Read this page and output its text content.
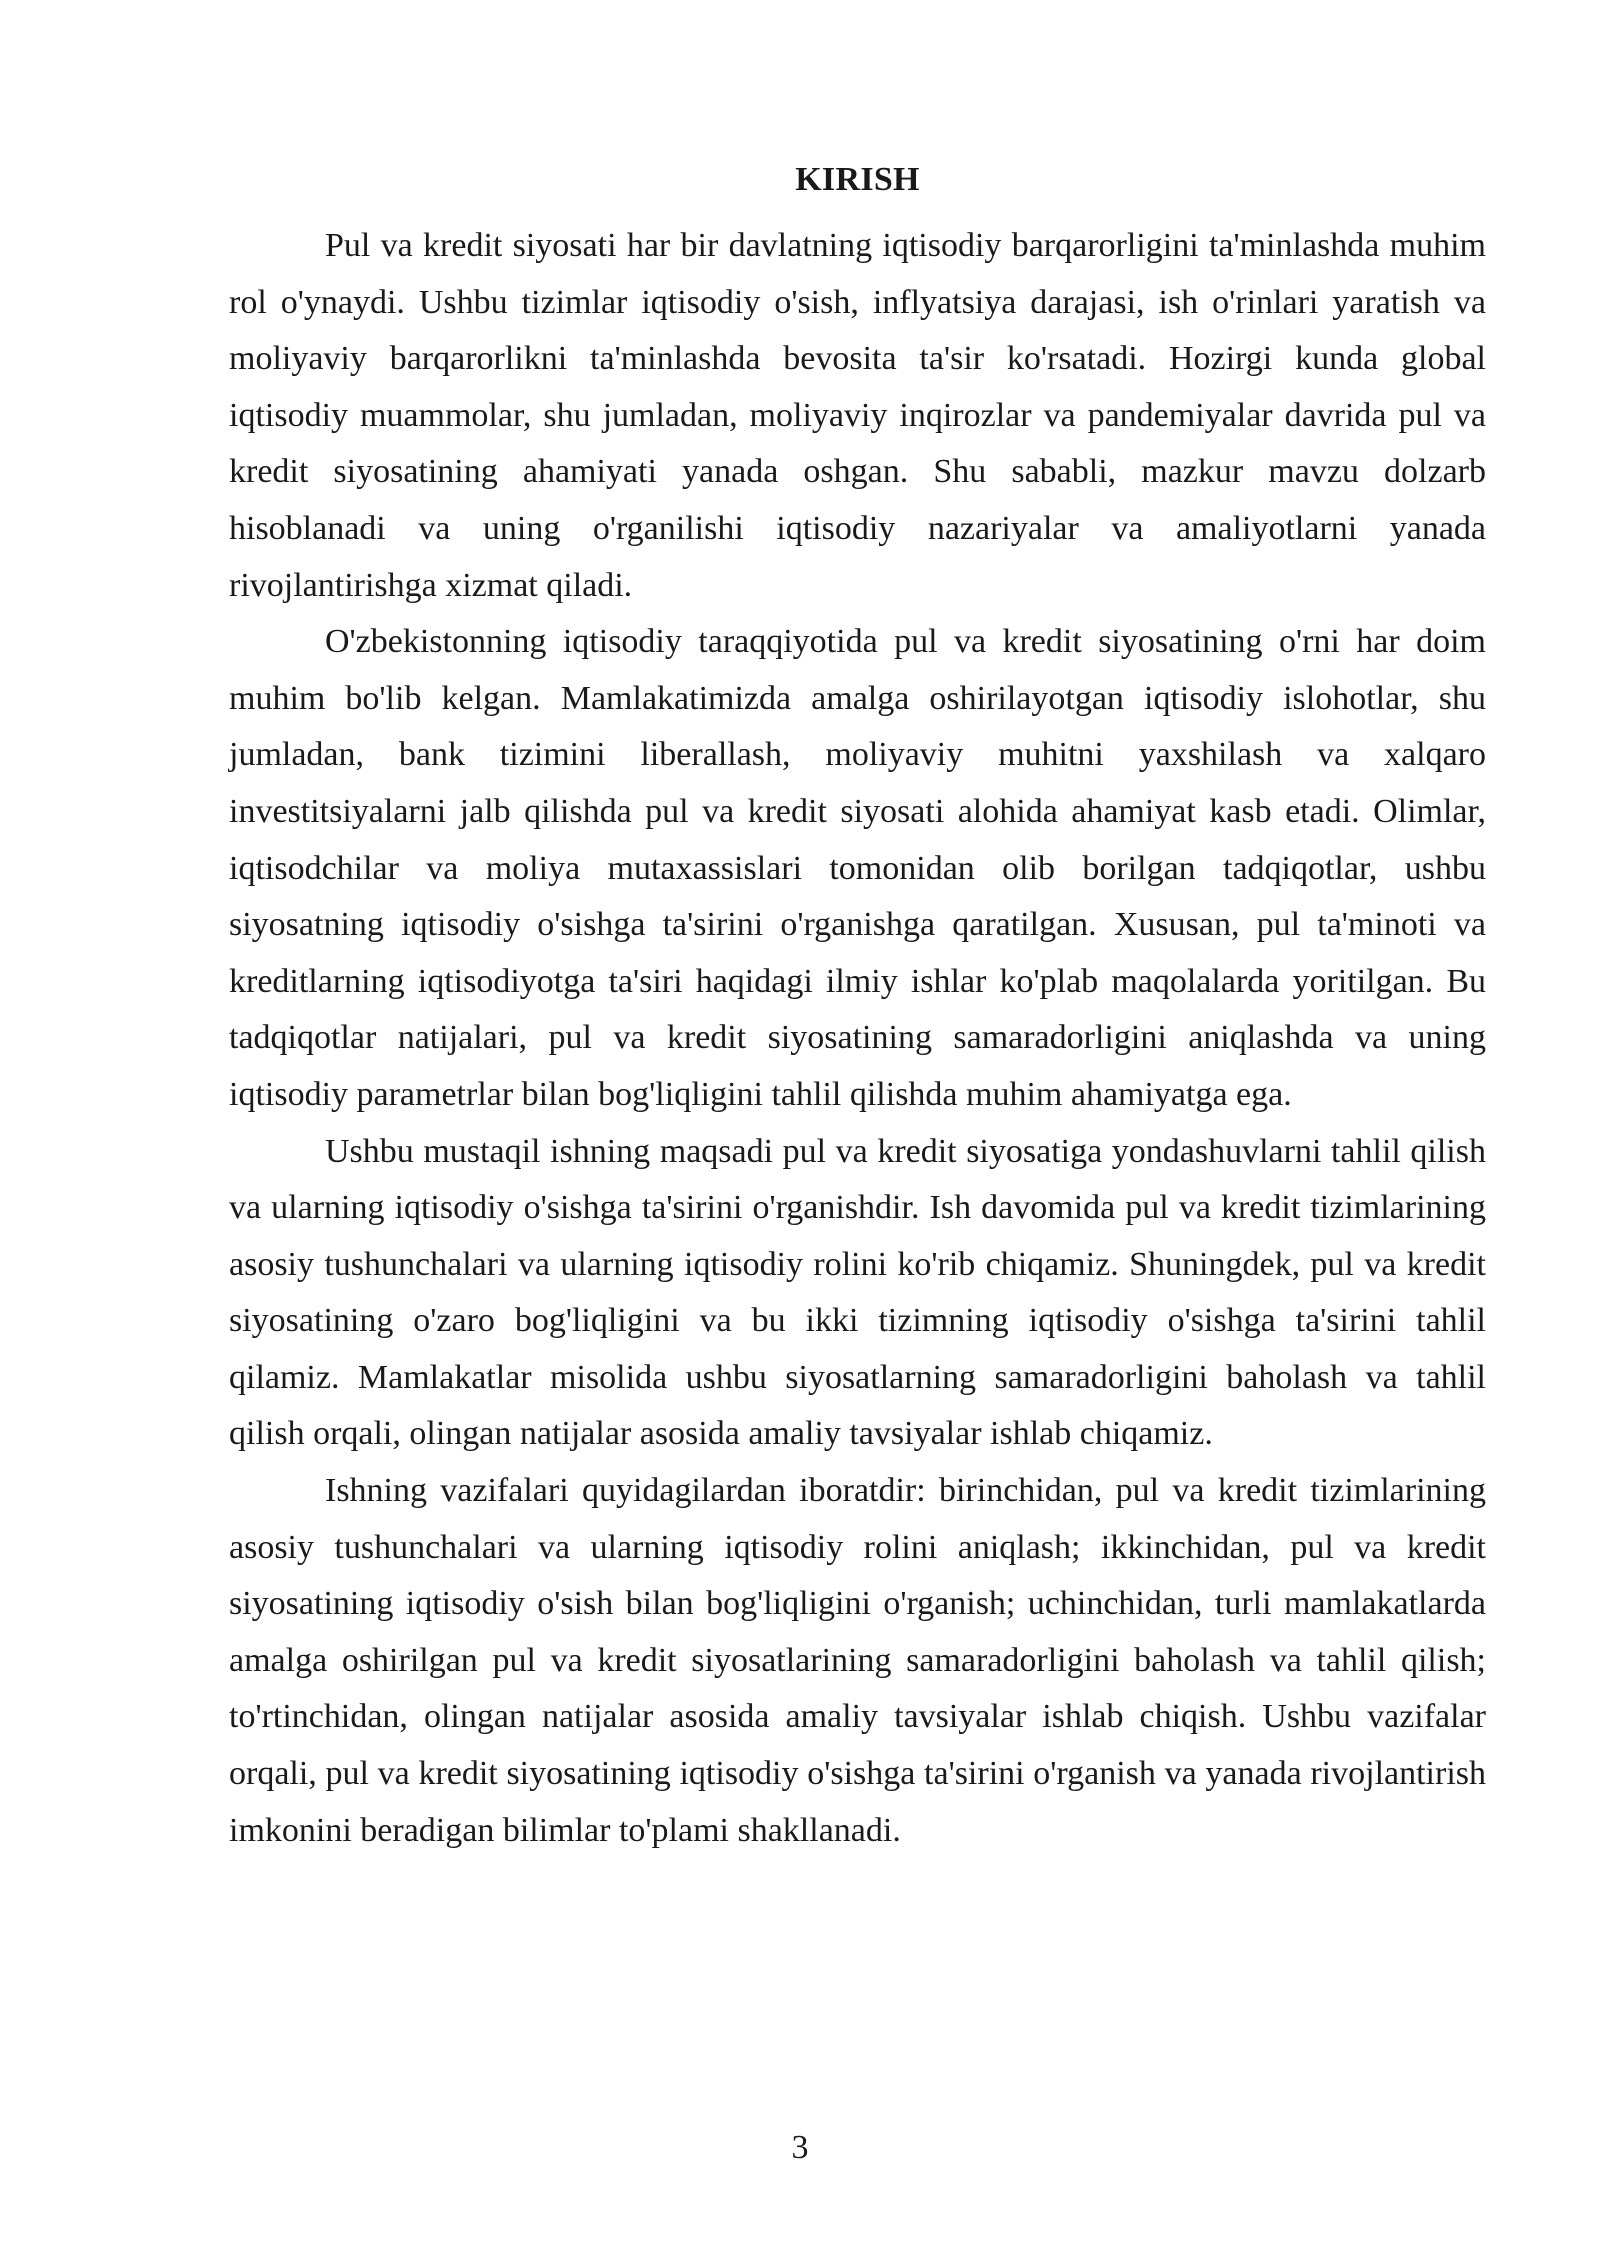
KIRISH

Pul va kredit siyosati har bir davlatning iqtisodiy barqarorligini ta'minlashda muhim rol o'ynaydi. Ushbu tizimlar iqtisodiy o'sish, inflyatsiya darajasi, ish o'rinlari yaratish va moliyaviy barqarorlikni ta'minlashda bevosita ta'sir ko'rsatadi. Hozirgi kunda global iqtisodiy muammolar, shu jumladan, moliyaviy inqirozlar va pandemiyalar davrida pul va kredit siyosatining ahamiyati yanada oshgan. Shu sababli, mazkur mavzu dolzarb hisoblanadi va uning o'rganilishi iqtisodiy nazariyalar va amaliyotlarni yanada rivojlantirishga xizmat qiladi.

O'zbekistonning iqtisodiy taraqqiyotida pul va kredit siyosatining o'rni har doim muhim bo'lib kelgan. Mamlakatimizda amalga oshirilayotgan iqtisodiy islohotlar, shu jumladan, bank tizimini liberallash, moliyaviy muhitni yaxshilash va xalqaro investitsiyalarni jalb qilishda pul va kredit siyosati alohida ahamiyat kasb etadi. Olimlar, iqtisodchilar va moliya mutaxassislari tomonidan olib borilgan tadqiqotlar, ushbu siyosatning iqtisodiy o'sishga ta'sirini o'rganishga qaratilgan. Xususan, pul ta'minoti va kreditlarning iqtisodiyotga ta'siri haqidagi ilmiy ishlar ko'plab maqolalarda yoritilgan. Bu tadqiqotlar natijalari, pul va kredit siyosatining samaradorligini aniqlashda va uning iqtisodiy parametrlar bilan bog'liqligini tahlil qilishda muhim ahamiyatga ega.

Ushbu mustaqil ishning maqsadi pul va kredit siyosatiga yondashuvlarni tahlil qilish va ularning iqtisodiy o'sishga ta'sirini o'rganishdir. Ish davomida pul va kredit tizimlarining asosiy tushunchalari va ularning iqtisodiy rolini ko'rib chiqamiz. Shuningdek, pul va kredit siyosatining o'zaro bog'liqligini va bu ikki tizimning iqtisodiy o'sishga ta'sirini tahlil qilamiz. Mamlakatlar misolida ushbu siyosatlarning samaradorligini baholash va tahlil qilish orqali, olingan natijalar asosida amaliy tavsiyalar ishlab chiqamiz.

Ishning vazifalari quyidagilardan iboratdir: birinchidan, pul va kredit tizimlarining asosiy tushunchalari va ularning iqtisodiy rolini aniqlash; ikkinchidan, pul va kredit siyosatining iqtisodiy o'sish bilan bog'liqligini o'rganish; uchinchidan, turli mamlakatlarda amalga oshirilgan pul va kredit siyosatlarining samaradorligini baholash va tahlil qilish; to'rtinchidan, olingan natijalar asosida amaliy tavsiyalar ishlab chiqish. Ushbu vazifalar orqali, pul va kredit siyosatining iqtisodiy o'sishga ta'sirini o'rganish va yanada rivojlantirish imkonini beradigan bilimlar to'plami shakllanadi.

3
